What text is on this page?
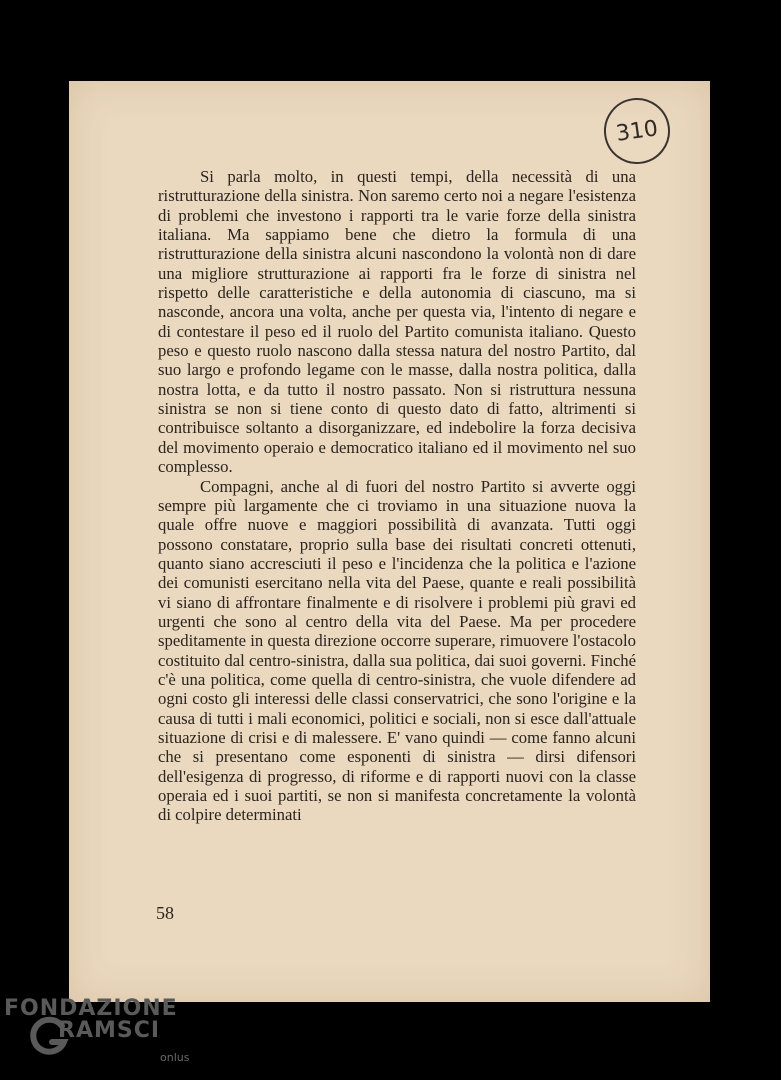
310

Si parla molto, in questi tempi, della necessità di una ristrutturazione della sinistra. Non saremo certo noi a negare l'esistenza di problemi che investono i rapporti tra le varie forze della sinistra italiana. Ma sappiamo bene che dietro la formula di una ristrutturazione della sinistra alcuni nascondono la volontà non di dare una migliore strutturazione ai rapporti fra le forze di sinistra nel rispetto delle caratteristiche e della autonomia di ciascuno, ma si nasconde, ancora una volta, anche per questa via, l'intento di negare e di contestare il peso ed il ruolo del Partito comunista italiano. Questo peso e questo ruolo nascono dalla stessa natura del nostro Partito, dal suo largo e profondo legame con le masse, dalla nostra politica, dalla nostra lotta, e da tutto il nostro passato. Non si ristruttura nessuna sinistra se non si tiene conto di questo dato di fatto, altrimenti si contribuisce soltanto a disorganizzare, ed indebolire la forza decisiva del movimento operaio e democratico italiano ed il movimento nel suo complesso.

Compagni, anche al di fuori del nostro Partito si avverte oggi sempre più largamente che ci troviamo in una situazione nuova la quale offre nuove e maggiori possibilità di avanzata. Tutti oggi possono constatare, proprio sulla base dei risultati concreti ottenuti, quanto siano accresciuti il peso e l'incidenza che la politica e l'azione dei comunisti esercitano nella vita del Paese, quante e reali possibilità vi siano di affrontare finalmente e di risolvere i problemi più gravi ed urgenti che sono al centro della vita del Paese. Ma per procedere speditamente in questa direzione occorre superare, rimuovere l'ostacolo costituito dal centro-sinistra, dalla sua politica, dai suoi governi. Finché c'è una politica, come quella di centro-sinistra, che vuole difendere ad ogni costo gli interessi delle classi conservatrici, che sono l'origine e la causa di tutti i mali economici, politici e sociali, non si esce dall'attuale situazione di crisi e di malessere. E' vano quindi — come fanno alcuni che si presentano come esponenti di sinistra — dirsi difensori dell'esigenza di progresso, di riforme e di rapporti nuovi con la classe operaia ed i suoi partiti, se non si manifesta concretamente la volontà di colpire determinati

58
FONDAZIONE
RAMSCI
onlus
